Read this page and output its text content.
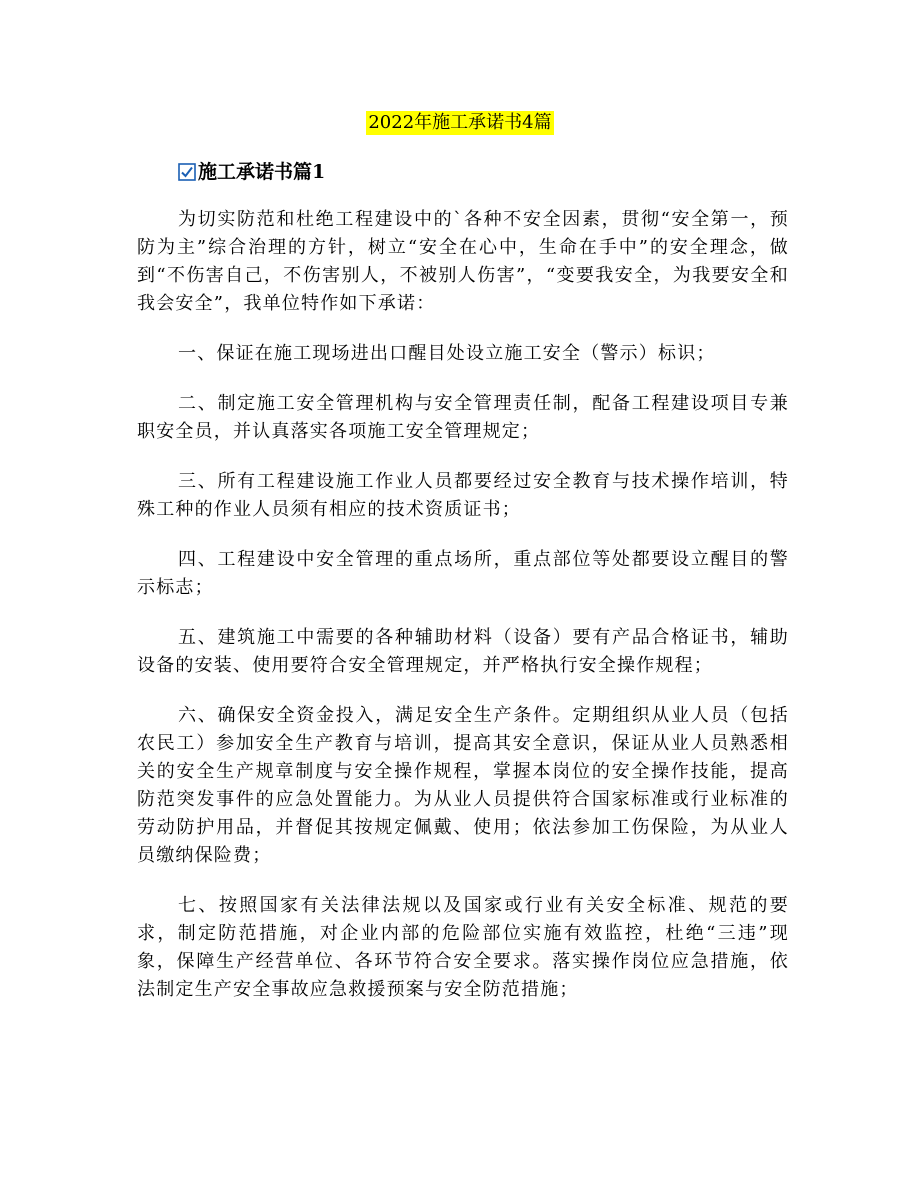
2022年施工承诺书4篇
施工承诺书篇1

为切实防范和杜绝工程建设中的`各种不安全因素，贯彻“安全第一，预防为主”综合治理的方针，树立“安全在心中，生命在手中”的安全理念，做到“不伤害自己，不伤害别人，不被别人伤害”，“变要我安全，为我要安全和我会安全”，我单位特作如下承诺：

一、保证在施工现场进出口醒目处设立施工安全（警示）标识；

二、制定施工安全管理机构与安全管理责任制，配备工程建设项目专兼职安全员，并认真落实各项施工安全管理规定；

三、所有工程建设施工作业人员都要经过安全教育与技术操作培训，特殊工种的作业人员须有相应的技术资质证书；

四、工程建设中安全管理的重点场所，重点部位等处都要设立醒目的警示标志；

五、建筑施工中需要的各种辅助材料（设备）要有产品合格证书，辅助设备的安装、使用要符合安全管理规定，并严格执行安全操作规程；

六、确保安全资金投入，满足安全生产条件。定期组织从业人员（包括农民工）参加安全生产教育与培训，提高其安全意识，保证从业人员熟悉相关的安全生产规章制度与安全操作规程，掌握本岗位的安全操作技能，提高防范突发事件的应急处置能力。为从业人员提供符合国家标准或行业标准的劳动防护用品，并督促其按规定佩戴、使用；依法参加工伤保险，为从业人员缴纳保险费；

七、按照国家有关法律法规以及国家或行业有关安全标准、规范的要求，制定防范措施，对企业内部的危险部位实施有效监控，杜绝“三违”现象，保障生产经营单位、各环节符合安全要求。落实操作岗位应急措施，依法制定生产安全事故应急救援预案与安全防范措施；
